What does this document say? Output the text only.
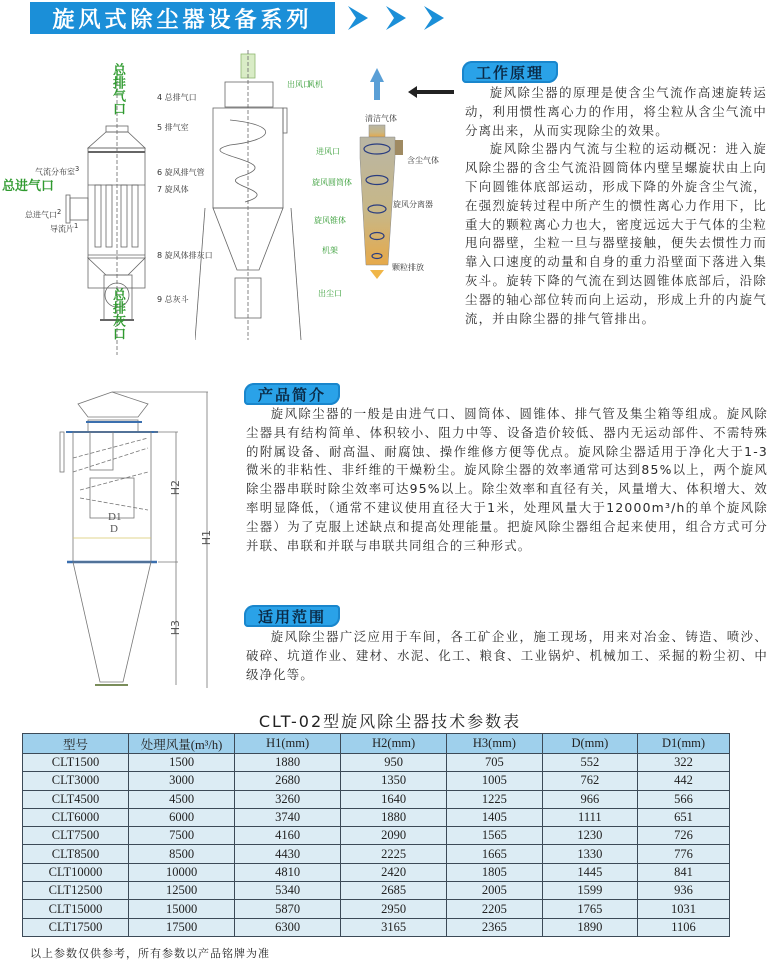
旋风式除尘器设备系列
总排气口
总进气口
总排灰口
4 总排气口
5 排气室
气流分布室$^3$	6 旋风排气管
7 旋风体
总进气口$^2$
导流片$^1$
8 旋风体排灰口
9 总灰斗
出风口
风机
进风口
旋风圆筒体
旋风锥体
机架
出尘口
清洁气体
含尘气体
旋风分离器
颗粒排放
工作原理

旋风除尘器的原理是使含尘气流作高速旋转运动，利用惯性离心力的作用，将尘粒从含尘气流中分离出来，从而实现除尘的效果。

旋风除尘器内气流与尘粒的运动概况：进入旋风除尘器的含尘气流沿圆筒体内壁呈螺旋状由上向下向圆锥体底部运动，形成下降的外旋含尘气流，在强烈旋转过程中所产生的惯性离心力作用下，比重大的颗粒离心力也大，密度远远大于气体的尘粒甩向器壁，尘粒一旦与器壁接触，便失去惯性力而靠入口速度的动量和自身的重力沿壁面下落进入集灰斗。旋转下降的气流在到达圆锥体底部后，沿除尘器的轴心部位转而向上运动，形成上升的内旋气流，并由除尘器的排气管排出。

H2
H1
H3
D1
D
产品简介

旋风除尘器的一般是由进气口、圆筒体、圆锥体、排气管及集尘箱等组成。旋风除尘器具有结构简单、体积较小、阻力中等、设备造价较低、器内无运动部件、不需特殊的附属设备、耐高温、耐腐蚀、操作维修方便等优点。旋风除尘器适用于净化大于1-3微米的非粘性、非纤维的干燥粉尘。旋风除尘器的效率通常可达到85%以上，两个旋风除尘器串联时除尘效率可达95%以上。除尘效率和直径有关，风量增大、体积增大、效率明显降低，（通常不建议使用直径大于1米，处理风量大于12000m³/h的单个旋风除尘器）为了克服上述缺点和提高处理能量。把旋风除尘器组合起来使用，组合方式可分并联、串联和并联与串联共同组合的三种形式。

适用范围

旋风除尘器广泛应用于车间，各工矿企业，施工现场，用来对冶金、铸造、喷沙、破碎、坑道作业、建材、水泥、化工、粮食、工业锅炉、机械加工、采掘的粉尘初、中级净化等。

CLT-02型旋风除尘器技术参数表
型号	处理风量(m³/h)	H1(mm)	H2(mm)	H3(mm)	D(mm)	D1(mm)
CLT1500	1500	1880	950	705	552	322
CLT3000	3000	2680	1350	1005	762	442
CLT4500	4500	3260	1640	1225	966	566
CLT6000	6000	3740	1880	1405	1111	651
CLT7500	7500	4160	2090	1565	1230	726
CLT8500	8500	4430	2225	1665	1330	776
CLT10000	10000	4810	2420	1805	1445	841
CLT12500	12500	5340	2685	2005	1599	936
CLT15000	15000	5870	2950	2205	1765	1031
CLT17500	17500	6300	3165	2365	1890	1106
以上参数仅供参考，所有参数以产品铭牌为准
